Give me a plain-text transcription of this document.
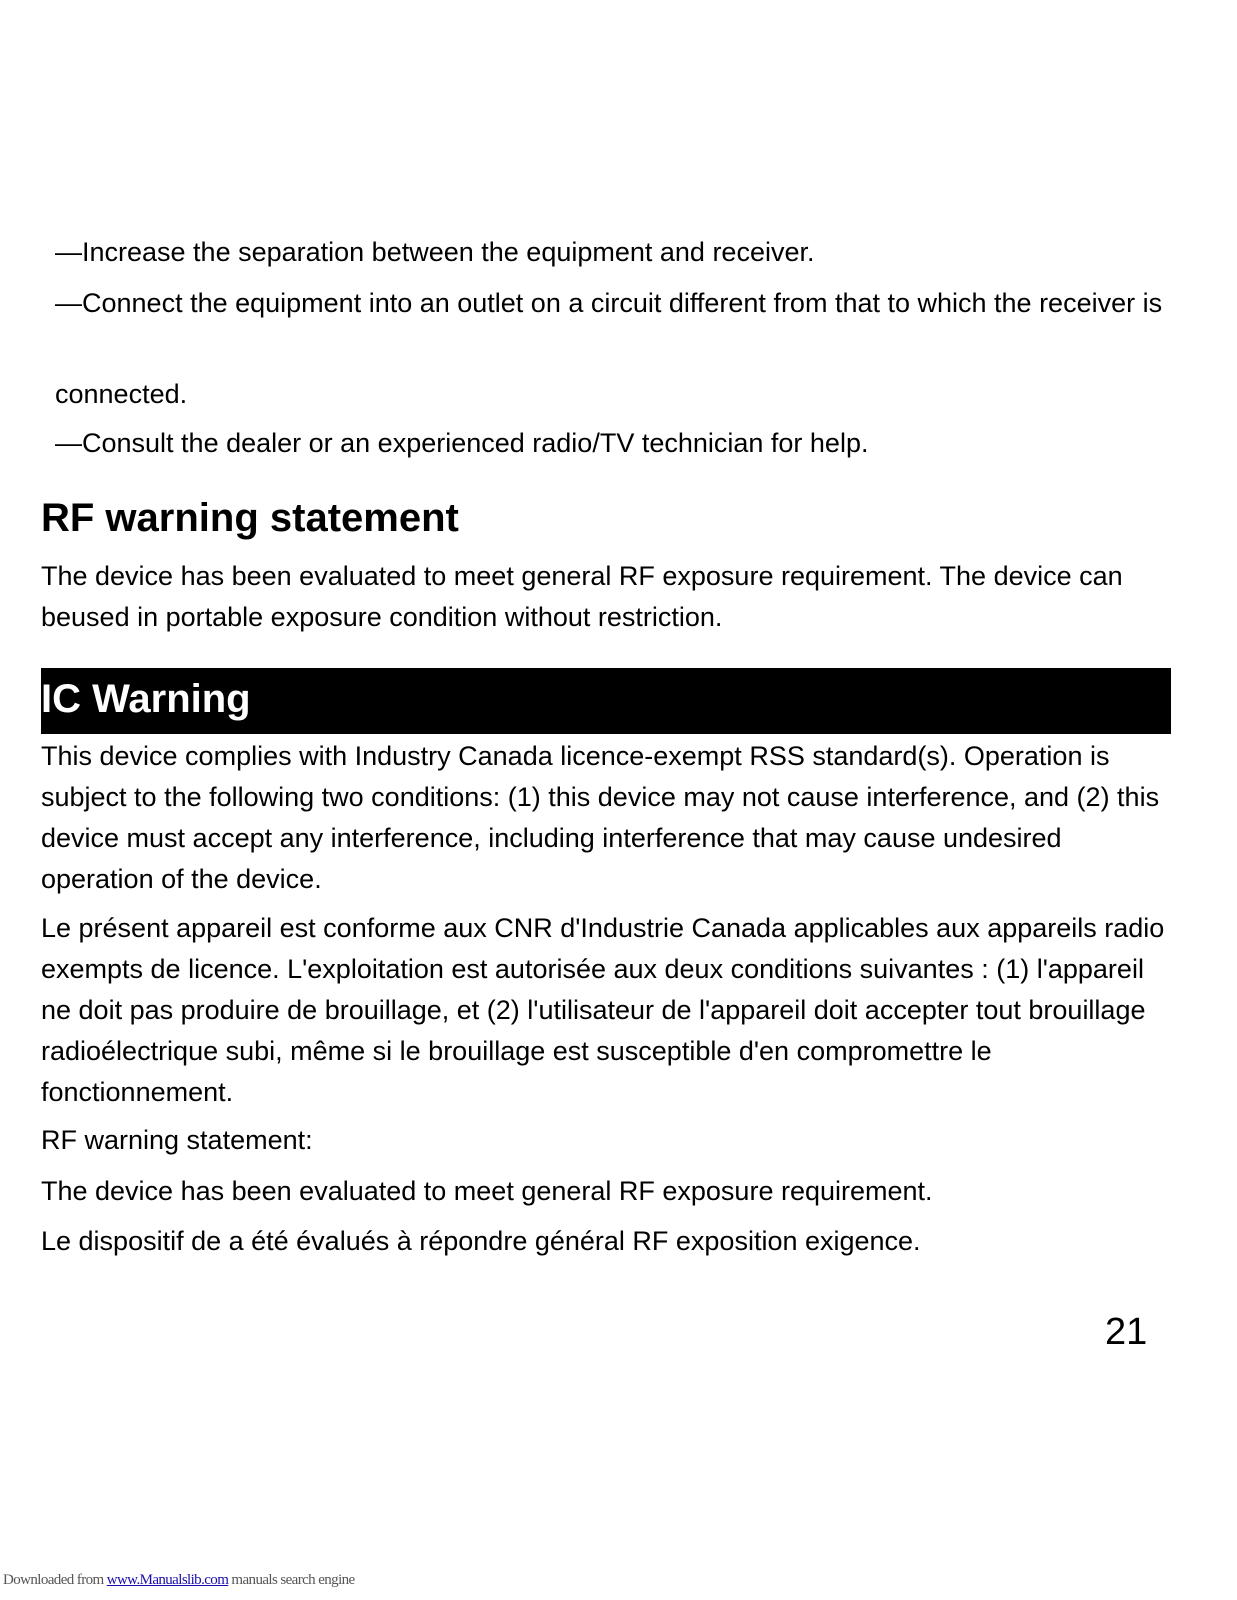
—Increase the separation between the equipment and receiver.

—Connect the equipment into an outlet on a circuit different from that to which the receiver is

connected.

—Consult the dealer or an experienced radio/TV technician for help.

RF warning statement

The device has been evaluated to meet general RF exposure requirement. The device can beused in portable exposure condition without restriction.

IC Warning

This device complies with Industry Canada licence-exempt RSS standard(s). Operation is subject to the following two conditions: (1) this device may not cause interference, and (2) this device must accept any interference, including interference that may cause undesired operation of the device.

Le présent appareil est conforme aux CNR d'Industrie Canada applicables aux appareils radio exempts de licence. L'exploitation est autorisée aux deux conditions suivantes : (1) l'appareil ne doit pas produire de brouillage, et (2) l'utilisateur de l'appareil doit accepter tout brouillage radioélectrique subi, même si le brouillage est susceptible d'en compromettre le fonctionnement.

RF warning statement:

The device has been evaluated to meet general RF exposure requirement.

Le dispositif de a été évalués à répondre général RF exposition exigence.

21

Downloaded from www.Manualslib.com manuals search engine
